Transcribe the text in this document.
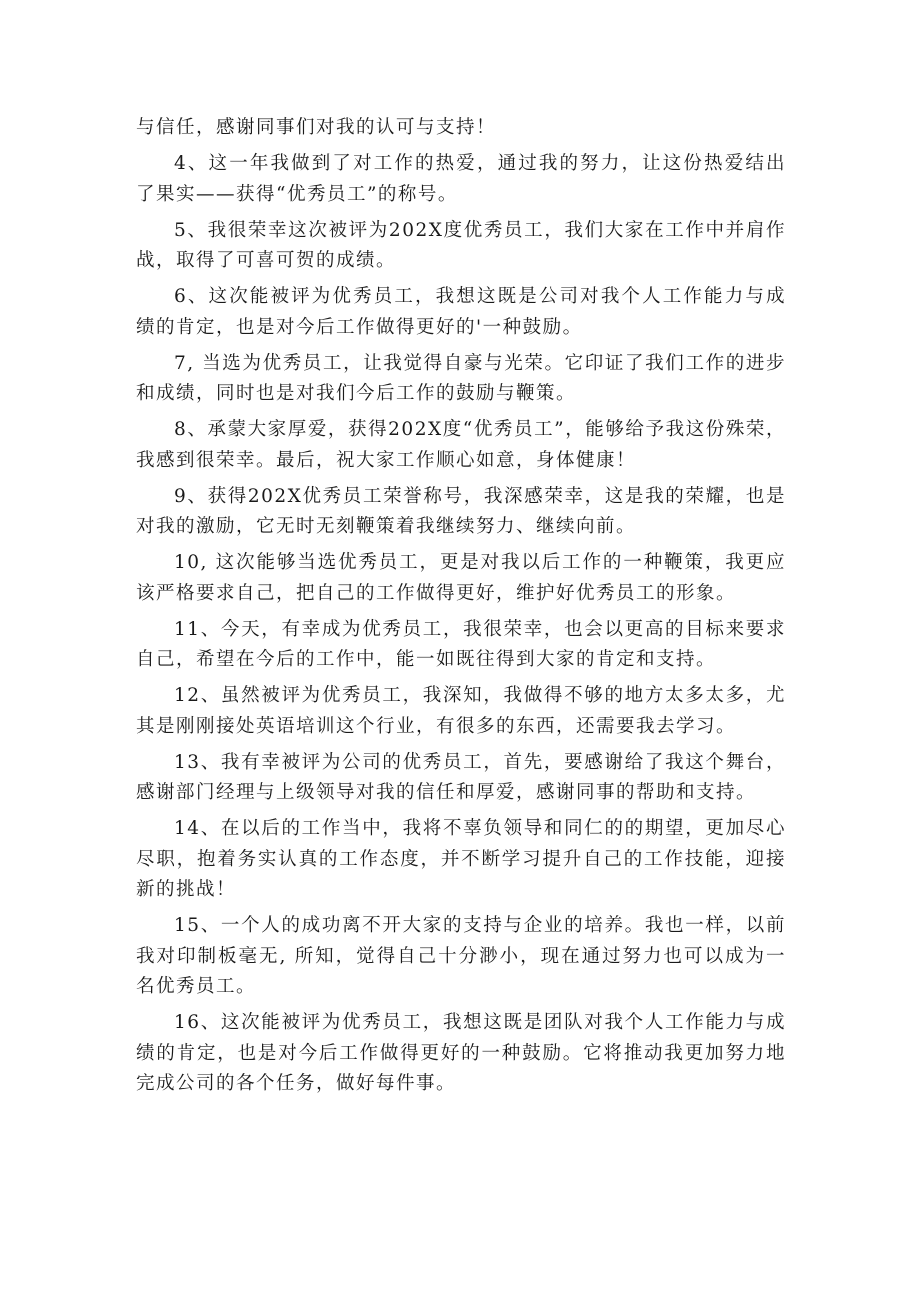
与信任，感谢同事们对我的认可与支持！

4、这一年我做到了对工作的热爱，通过我的努力，让这份热爱结出了果实——获得“优秀员工”的称号。

5、我很荣幸这次被评为202X度优秀员工，我们大家在工作中并肩作战，取得了可喜可贺的成绩。

6、这次能被评为优秀员工，我想这既是公司对我个人工作能力与成绩的肯定，也是对今后工作做得更好的'一种鼓励。

7, 当选为优秀员工，让我觉得自豪与光荣。它印证了我们工作的进步和成绩，同时也是对我们今后工作的鼓励与鞭策。

8、承蒙大家厚爱，获得202X度“优秀员工”，能够给予我这份殊荣，我感到很荣幸。最后，祝大家工作顺心如意，身体健康！

9、获得202X优秀员工荣誉称号，我深感荣幸，这是我的荣耀，也是对我的激励，它无时无刻鞭策着我继续努力、继续向前。

10, 这次能够当选优秀员工，更是对我以后工作的一种鞭策，我更应该严格要求自己，把自己的工作做得更好，维护好优秀员工的形象。

11、今天，有幸成为优秀员工，我很荣幸，也会以更高的目标来要求自己，希望在今后的工作中，能一如既往得到大家的肯定和支持。

12、虽然被评为优秀员工，我深知，我做得不够的地方太多太多，尤其是刚刚接处英语培训这个行业，有很多的东西，还需要我去学习。

13、我有幸被评为公司的优秀员工，首先，要感谢给了我这个舞台，感谢部门经理与上级领导对我的信任和厚爱，感谢同事的帮助和支持。

14、在以后的工作当中，我将不辜负领导和同仁的的期望，更加尽心尽职，抱着务实认真的工作态度，并不断学习提升自己的工作技能，迎接新的挑战！

15、一个人的成功离不开大家的支持与企业的培养。我也一样，以前我对印制板毫无, 所知，觉得自己十分渺小，现在通过努力也可以成为一名优秀员工。

16、这次能被评为优秀员工，我想这既是团队对我个人工作能力与成绩的肯定，也是对今后工作做得更好的一种鼓励。它将推动我更加努力地完成公司的各个任务，做好每件事。
